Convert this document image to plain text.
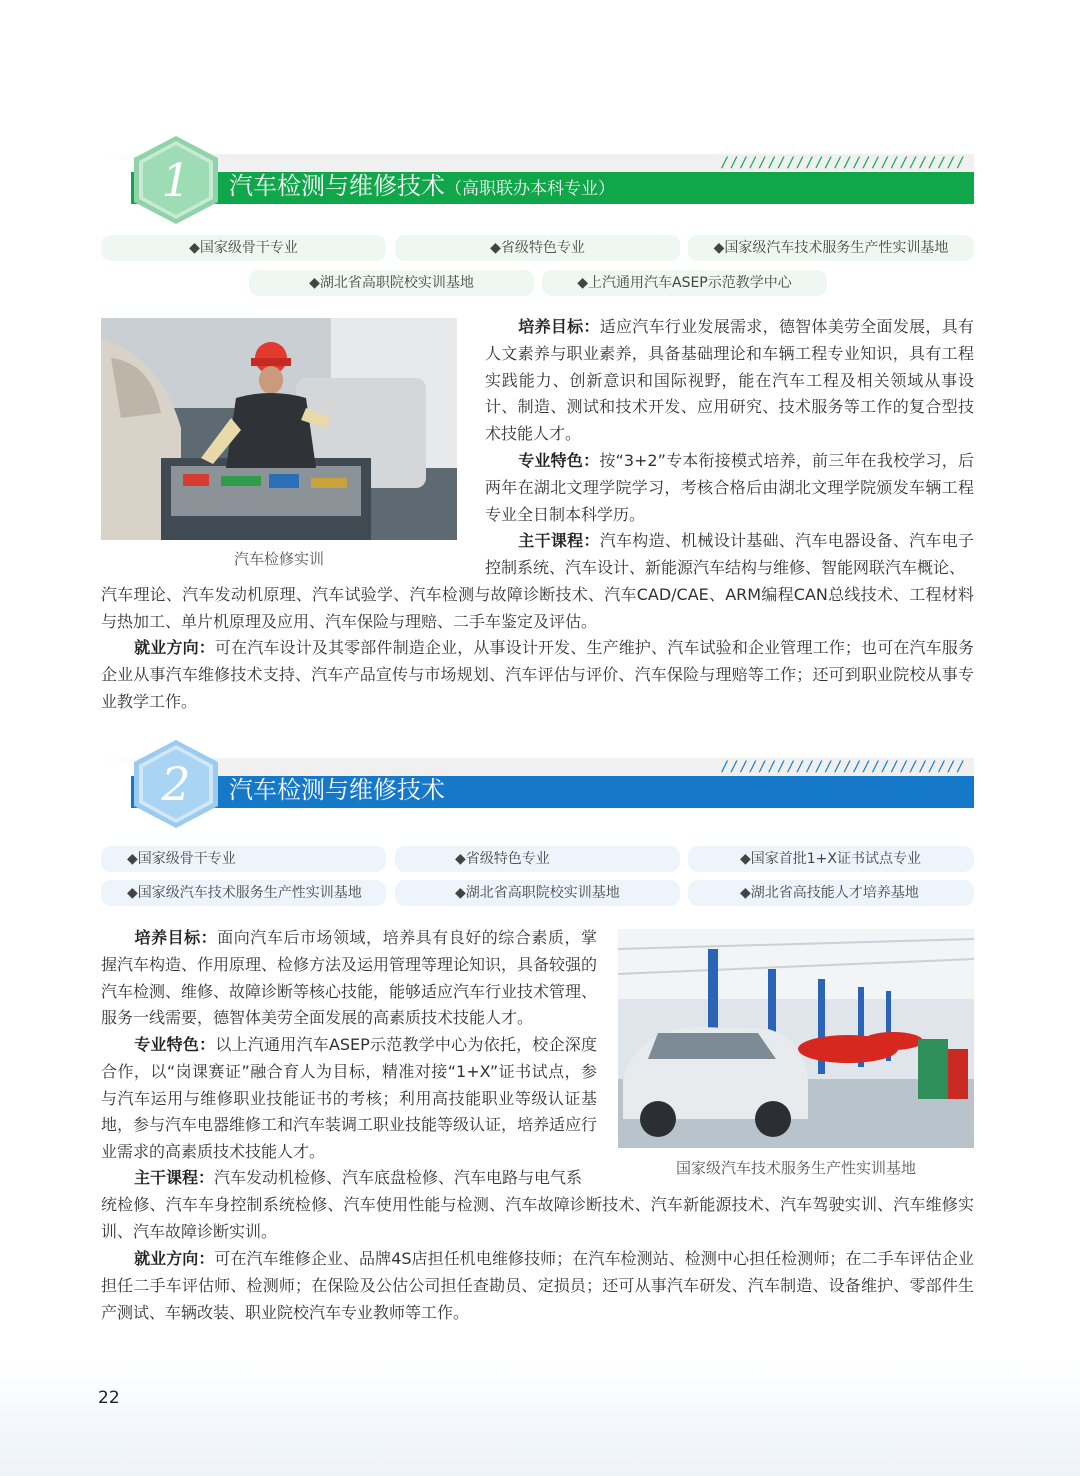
//////////////////////////
汽车检测与维修技术（高职联办本科专业）
1
◆国家级骨干专业	◆省级特色专业	◆国家级汽车技术服务生产性实训基地
◆湖北省高职院校实训基地	◆上汽通用汽车ASEP示范教学中心
汽车检修实训
培养目标：适应汽车行业发展需求，德智体美劳全面发展，具有人文素养与职业素养，具备基础理论和车辆工程专业知识，具有工程实践能力、创新意识和国际视野，能在汽车工程及相关领域从事设计、制造、测试和技术开发、应用研究、技术服务等工作的复合型技术技能人才。
专业特色：按“3+2”专本衔接模式培养，前三年在我校学习，后两年在湖北文理学院学习，考核合格后由湖北文理学院颁发车辆工程专业全日制本科学历。
主干课程：汽车构造、机械设计基础、汽车电器设备、汽车电子控制系统、汽车设计、新能源汽车结构与维修、智能网联汽车概论、
汽车理论、汽车发动机原理、汽车试验学、汽车检测与故障诊断技术、汽车CAD/CAE、ARM编程CAN总线技术、工程材料与热加工、单片机原理及应用、汽车保险与理赔、二手车鉴定及评估。
就业方向：可在汽车设计及其零部件制造企业，从事设计开发、生产维护、汽车试验和企业管理工作；也可在汽车服务企业从事汽车维修技术支持、汽车产品宣传与市场规划、汽车评估与评价、汽车保险与理赔等工作；还可到职业院校从事专业教学工作。
//////////////////////////
汽车检测与维修技术
2
◆国家级骨干专业	◆省级特色专业	◆国家首批1+X证书试点专业
◆国家级汽车技术服务生产性实训基地	◆湖北省高职院校实训基地	◆湖北省高技能人才培养基地
培养目标：面向汽车后市场领域，培养具有良好的综合素质，掌握汽车构造、作用原理、检修方法及运用管理等理论知识，具备较强的汽车检测、维修、故障诊断等核心技能，能够适应汽车行业技术管理、服务一线需要，德智体美劳全面发展的高素质技术技能人才。
专业特色：以上汽通用汽车ASEP示范教学中心为依托，校企深度合作，以“岗课赛证”融合育人为目标，精准对接“1+X”证书试点，参与汽车运用与维修职业技能证书的考核；利用高技能职业等级认证基地，参与汽车电器维修工和汽车装调工职业技能等级认证，培养适应行业需求的高素质技术技能人才。
主干课程：汽车发动机检修、汽车底盘检修、汽车电路与电气系
统检修、汽车车身控制系统检修、汽车使用性能与检测、汽车故障诊断技术、汽车新能源技术、汽车驾驶实训、汽车维修实训、汽车故障诊断实训。
就业方向：可在汽车维修企业、品牌4S店担任机电维修技师；在汽车检测站、检测中心担任检测师；在二手车评估企业担任二手车评估师、检测师；在保险及公估公司担任查勘员、定损员；还可从事汽车研发、汽车制造、设备维护、零部件生产测试、车辆改装、职业院校汽车专业教师等工作。
国家级汽车技术服务生产性实训基地
22
